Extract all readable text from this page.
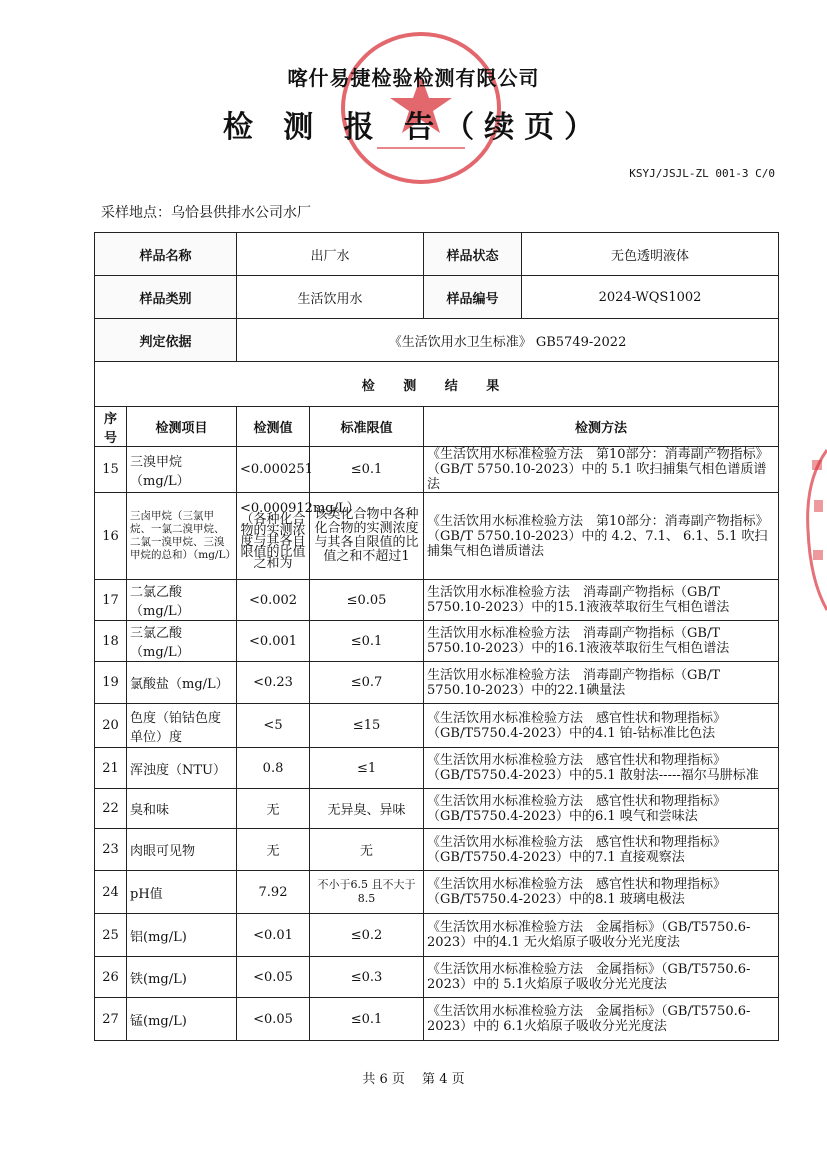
喀什易捷检验检测有限公司
检 测 报 告（续页）
KSYJ/JSJL-ZL 001-3 C/0
采样地点：乌恰县供排水公司水厂
样品名称		出厂水		样品状态 无色透明液体

样品类别		生活饮用水		样品编号 2024-WQS1002

判定依据		《生活饮用水卫生标准》 GB5749-2022		
检 测 结 果				
序号	检测项目	检测值	标准限值	检测方法
15	三溴甲烷（mg/L）	<0.000251	≤0.1	《生活饮用水标准检验方法　第10部分：消毒副产物指标》（GB/T 5750.10-2023）中的 5.1 吹扫捕集气相色谱质谱法
16	三卤甲烷（三氯甲烷、一氯二溴甲烷、二氯一溴甲烷、三溴甲烷的总和）（mg/L）	<0.000912mg/L）（各种化合物的实测浓度与其各自限值的比值之和为	该类化合物中各种化合物的实测浓度与其各自限值的比值之和不超过1	《生活饮用水标准检验方法　第10部分：消毒副产物指标》（GB/T 5750.10-2023）中的 4.2、7.1、 6.1、5.1 吹扫捕集气相色谱质谱法
17	二氯乙酸（mg/L）	<0.002	≤0.05	生活饮用水标准检验方法　消毒副产物指标（GB/T 5750.10-2023）中的15.1液液萃取衍生气相色谱法
18	三氯乙酸（mg/L）	<0.001	≤0.1	生活饮用水标准检验方法　消毒副产物指标（GB/T 5750.10-2023）中的16.1液液萃取衍生气相色谱法
19	氯酸盐（mg/L）	<0.23	≤0.7	生活饮用水标准检验方法　消毒副产物指标（GB/T 5750.10-2023）中的22.1碘量法
20	色度（铂钴色度单位）度	<5	≤15	《生活饮用水标准检验方法　感官性状和物理指标》（GB/T5750.4-2023）中的4.1 铂-钴标准比色法
21	浑浊度（NTU）	0.8	≤1	《生活饮用水标准检验方法　感官性状和物理指标》（GB/T5750.4-2023）中的5.1 散射法-----福尔马肼标准
22	臭和味	无	无异臭、异味	《生活饮用水标准检验方法　感官性状和物理指标》（GB/T5750.4-2023）中的6.1 嗅气和尝味法
23	肉眼可见物	无	无	《生活饮用水标准检验方法　感官性状和物理指标》（GB/T5750.4-2023）中的7.1 直接观察法
24	pH值	7.92	不小于6.5 且不大于8.5	《生活饮用水标准检验方法　感官性状和物理指标》（GB/T5750.4-2023）中的8.1 玻璃电极法
25	铝(mg/L)	<0.01	≤0.2	《生活饮用水标准检验方法　金属指标》（GB/T5750.6-2023）中的4.1 无火焰原子吸收分光光度法
26	铁(mg/L)	<0.05	≤0.3	《生活饮用水标准检验方法　金属指标》（GB/T5750.6-2023）中的 5.1火焰原子吸收分光光度法
27	锰(mg/L)	<0.05	≤0.1	《生活饮用水标准检验方法　金属指标》（GB/T5750.6-2023）中的 6.1火焰原子吸收分光光度法
共 6 页　 第 4 页
